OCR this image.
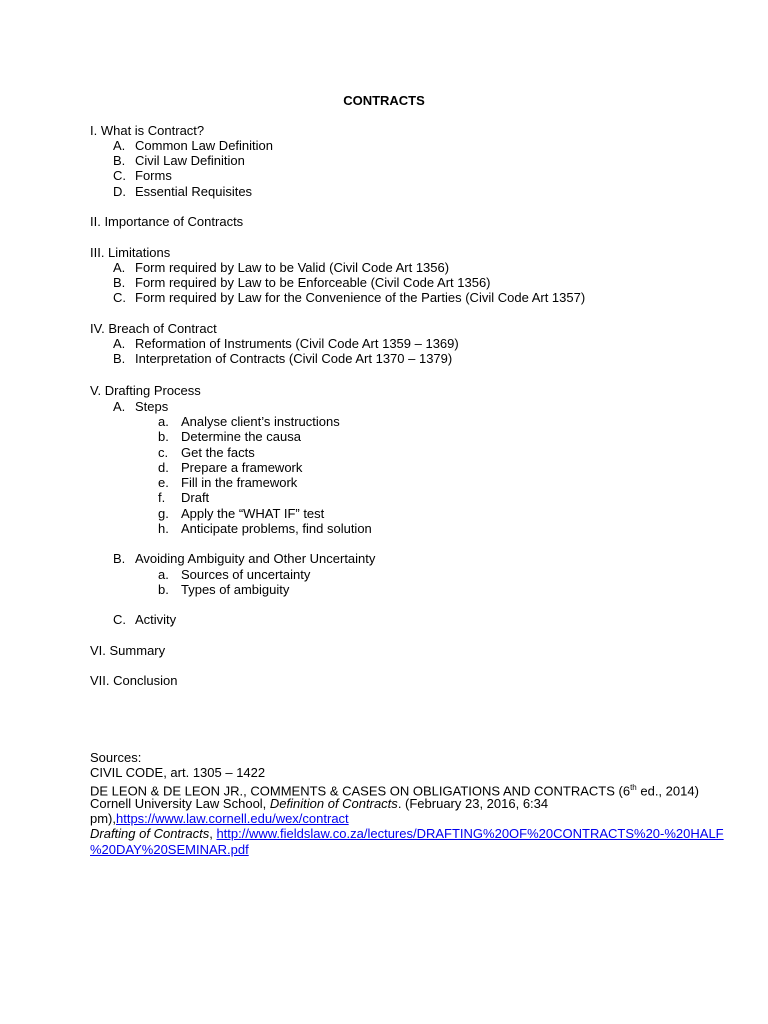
CONTRACTS
I. What is Contract?
A. Common Law Definition
B. Civil Law Definition
C. Forms
D. Essential Requisites
II. Importance of Contracts
III. Limitations
A. Form required by Law to be Valid (Civil Code Art 1356)
B. Form required by Law to be Enforceable (Civil Code Art 1356)
C. Form required by Law for the Convenience of the Parties (Civil Code Art 1357)
IV. Breach of Contract
A. Reformation of Instruments (Civil Code Art 1359 – 1369)
B. Interpretation of Contracts (Civil Code Art 1370 – 1379)
V. Drafting Process
A. Steps
a. Analyse client’s instructions
b. Determine the causa
c. Get the facts
d. Prepare a framework
e. Fill in the framework
f. Draft
g. Apply the “WHAT IF” test
h. Anticipate problems, find solution
B. Avoiding Ambiguity and Other Uncertainty
a. Sources of uncertainty
b. Types of ambiguity
C. Activity
VI. Summary
VII. Conclusion
Sources:
CIVIL CODE, art. 1305 – 1422
DE LEON & DE LEON JR., COMMENTS & CASES ON OBLIGATIONS AND CONTRACTS (6th ed., 2014)
Cornell University Law School, Definition of Contracts. (February 23, 2016, 6:34
pm),https://www.law.cornell.edu/wex/contract
Drafting of Contracts, http://www.fieldslaw.co.za/lectures/DRAFTING%20OF%20CONTRACTS%20-%20HALF
%20DAY%20SEMINAR.pdf
